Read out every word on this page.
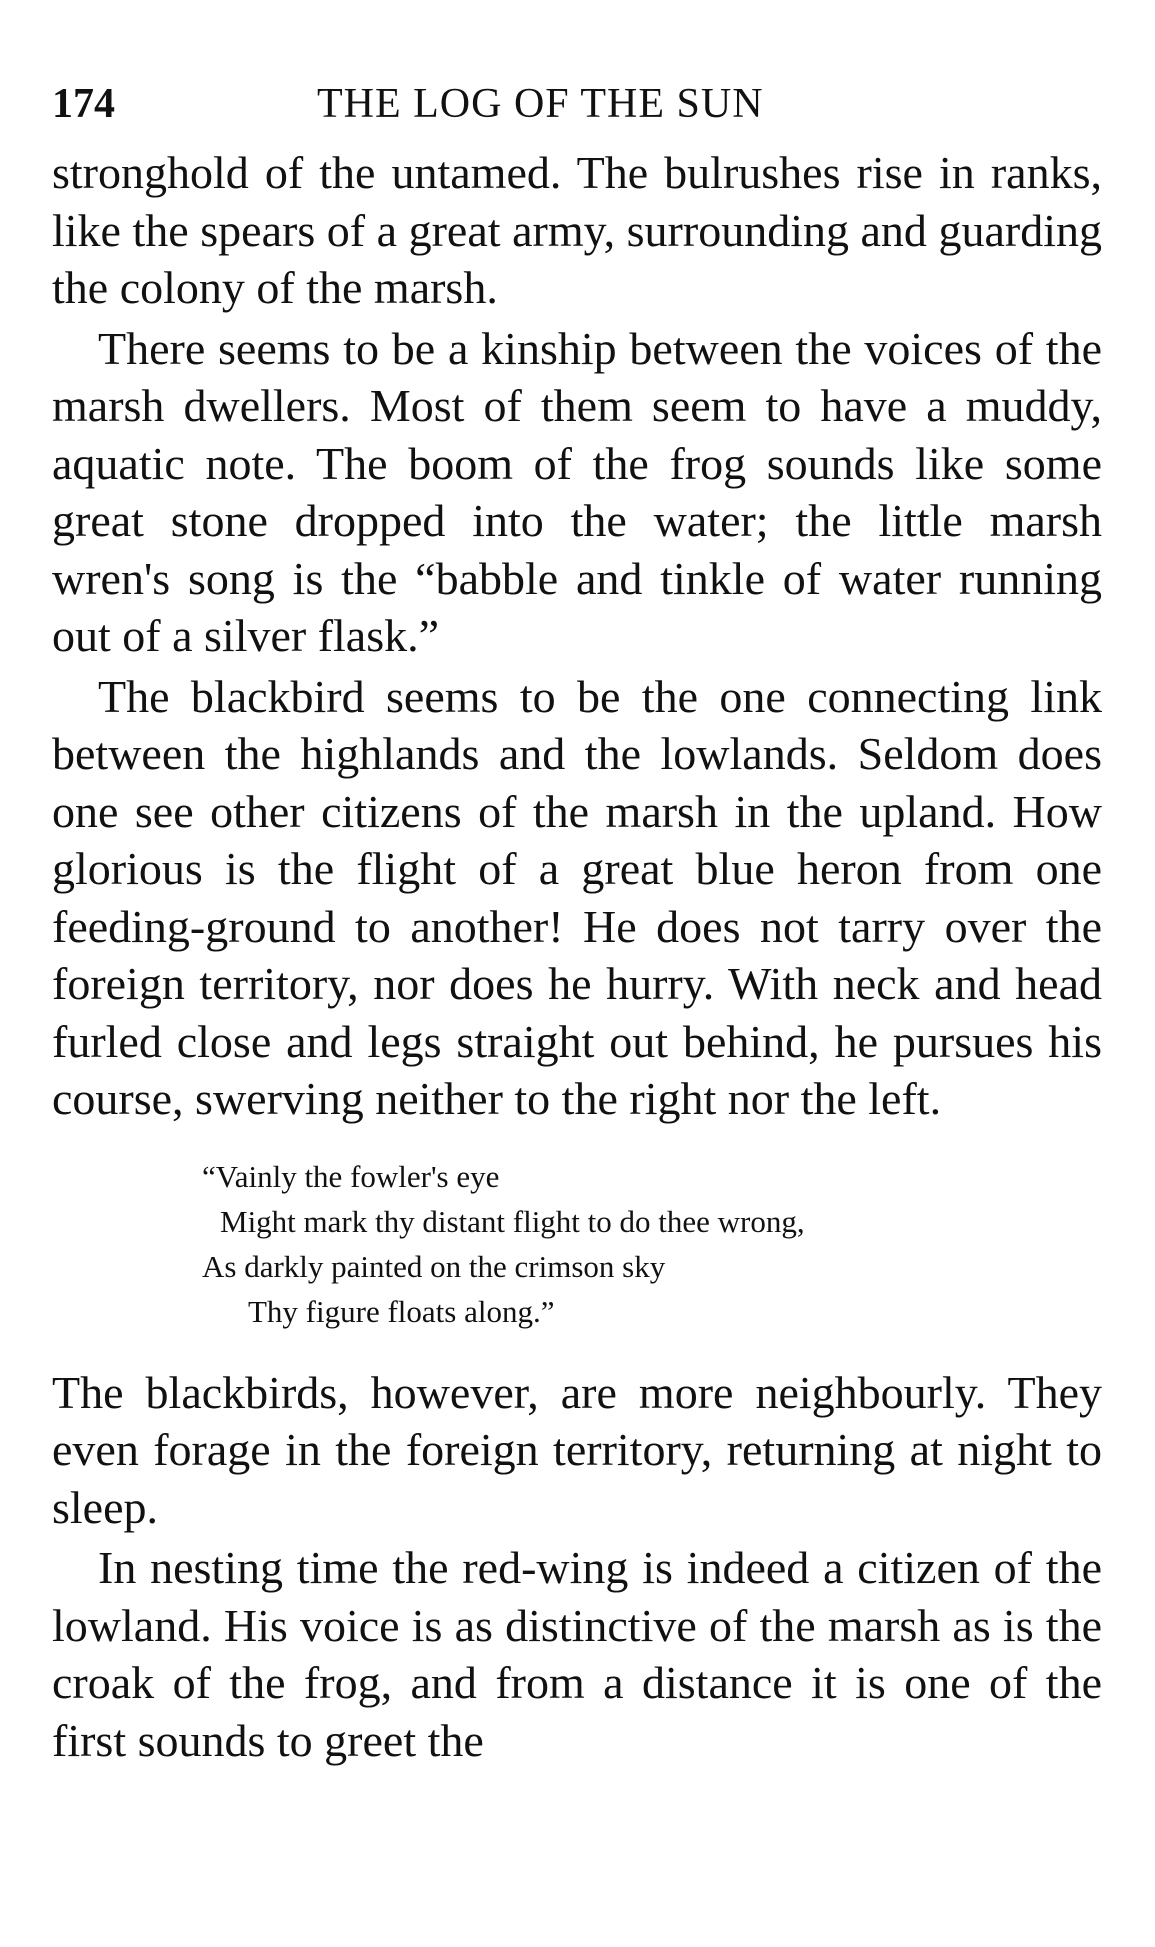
174	THE LOG OF THE SUN

stronghold of the untamed. The bulrushes rise in ranks, like the spears of a great army, surrounding and guarding the colony of the marsh.

There seems to be a kinship between the voices of the marsh dwellers. Most of them seem to have a muddy, aquatic note. The boom of the frog sounds like some great stone dropped into the water; the little marsh wren's song is the “babble and tinkle of water running out of a silver flask.”

The blackbird seems to be the one connecting link between the highlands and the lowlands. Seldom does one see other citizens of the marsh in the upland. How glorious is the flight of a great blue heron from one feeding-ground to another! He does not tarry over the foreign territory, nor does he hurry. With neck and head furled close and legs straight out behind, he pursues his course, swerving neither to the right nor the left.

“Vainly the fowler's eye
Might mark thy distant flight to do thee wrong,
As darkly painted on the crimson sky
Thy figure floats along.”

The blackbirds, however, are more neighbourly. They even forage in the foreign territory, returning at night to sleep.

In nesting time the red-wing is indeed a citizen of the lowland. His voice is as distinctive of the marsh as is the croak of the frog, and from a distance it is one of the first sounds to greet the
